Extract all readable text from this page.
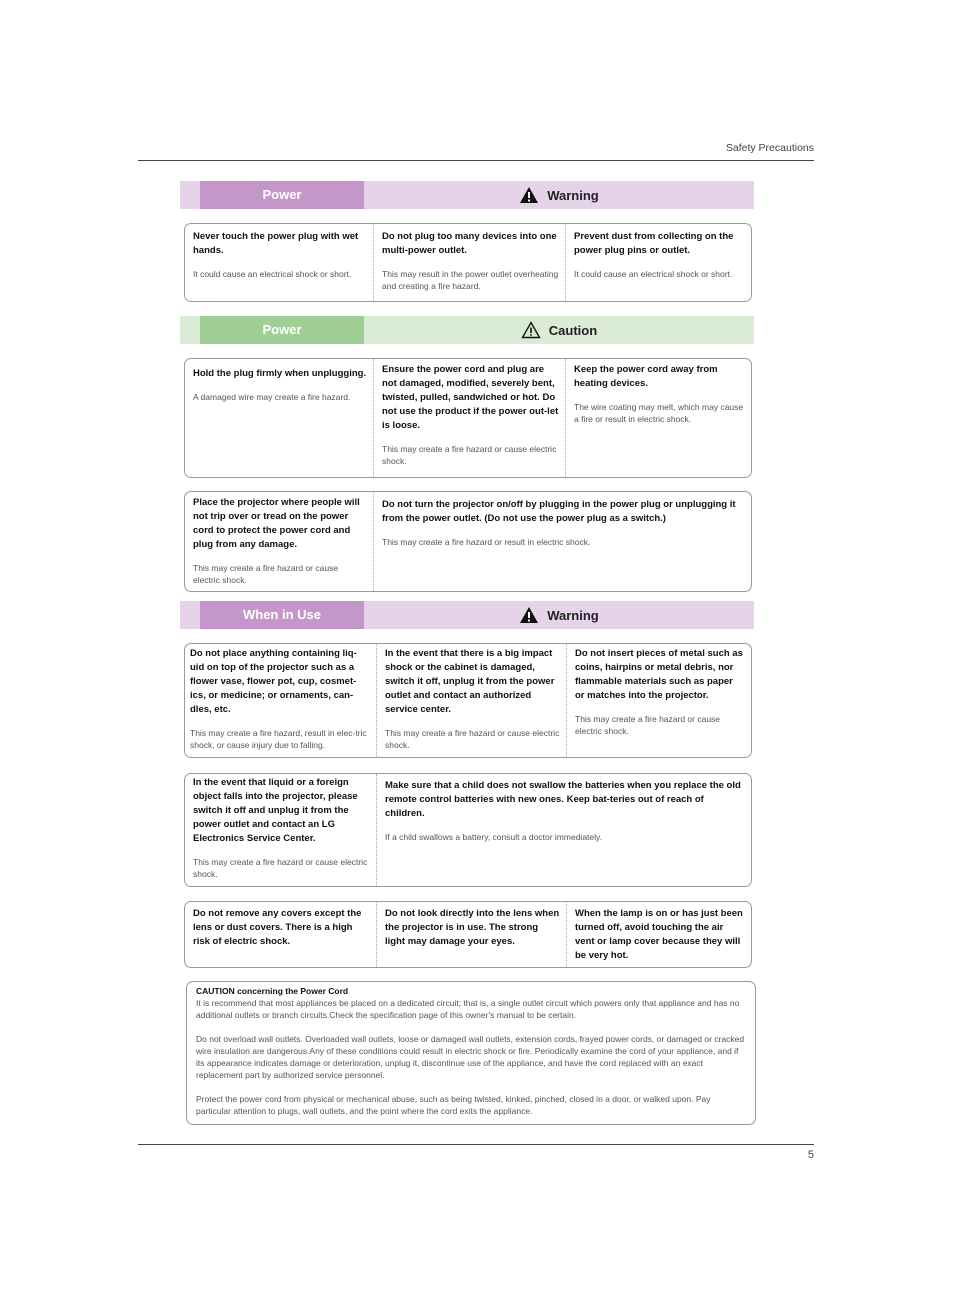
Safety Precautions
Power	Warning
Never touch the power plug with wet hands.
It could cause an electrical shock or short.
Do not plug too many devices into one multi-power outlet.
This may result in the power outlet overheating and creating a fire hazard.
Prevent dust from collecting on the power plug pins or outlet.
It could cause an electrical shock or short.
Power	Caution
Hold the plug firmly when unplugging.
A damaged wire may create a fire hazard.
Ensure the power cord and plug are not damaged, modified, severely bent, twisted, pulled, sandwiched or hot. Do not use the product if the power out-let is loose.
This may create a fire hazard or cause electric shock.
Keep the power cord away from heating devices.
The wire coating may melt, which may cause a fire or result in electric shock.
Place the projector where people will not trip over or tread on the power cord to protect the power cord and plug from any damage.
This may create a fire hazard or cause electric shock.
Do not turn the projector on/off by plugging in the power plug or unplugging it from the power outlet. (Do not use the power plug as a switch.)
This may create a fire hazard or result in electric shock.
When in Use	Warning
Do not place anything containing liq-uid on top of the projector such as a flower vase, flower pot, cup, cosmet-ics, or medicine; or ornaments, can-dles, etc.
This may create a fire hazard, result in elec-tric shock, or cause injury due to falling.
In the event that there is a big impact shock or the cabinet is damaged, switch it off, unplug it from the power outlet and contact an authorized service center.
This may create a fire hazard or cause electric shock.
Do not insert pieces of metal such as coins, hairpins or metal debris, nor flammable materials such as paper or matches into the projector.
This may create a fire hazard or cause electric shock.
In the event that liquid or a foreign object falls into the projector, please switch it off and unplug it from the power outlet and contact an LG Electronics Service Center.
This may create a fire hazard or cause electric shock.
Make sure that a child does not swallow the batteries when you replace the old remote control batteries with new ones. Keep bat-teries out of reach of children.
If a child swallows a battery, consult a doctor immediately.
Do not remove any covers except the lens or dust covers. There is a high risk of electric shock.
Do not look directly into the lens when the projector is in use. The strong light may damage your eyes.
When the lamp is on or has just been turned off, avoid touching the air vent or lamp cover because they will be very hot.
CAUTION concerning the Power Cord

It is recommend that most appliances be placed on a dedicated circuit; that is, a single outlet circuit which powers only that appliance and has no additional outlets or branch circuits.Check the specification page of this owner's manual to be certain.

Do not overload wall outlets. Overloaded wall outlets, loose or damaged wall outlets, extension cords, frayed power cords, or damaged or cracked wire insulation are dangerous.Any of these conditions could result in electric shock or fire. Periodically examine the cord of your appliance, and if its appearance indicates damage or deterioration, unplug it, discontinue use of the appliance, and have the cord replaced with an exact replacement part by authorized service personnel.

Protect the power cord from physical or mechanical abuse, such as being twisted, kinked, pinched, closed in a door, or walked upon. Pay particular attention to plugs, wall outlets, and the point where the cord exits the appliance.

5
